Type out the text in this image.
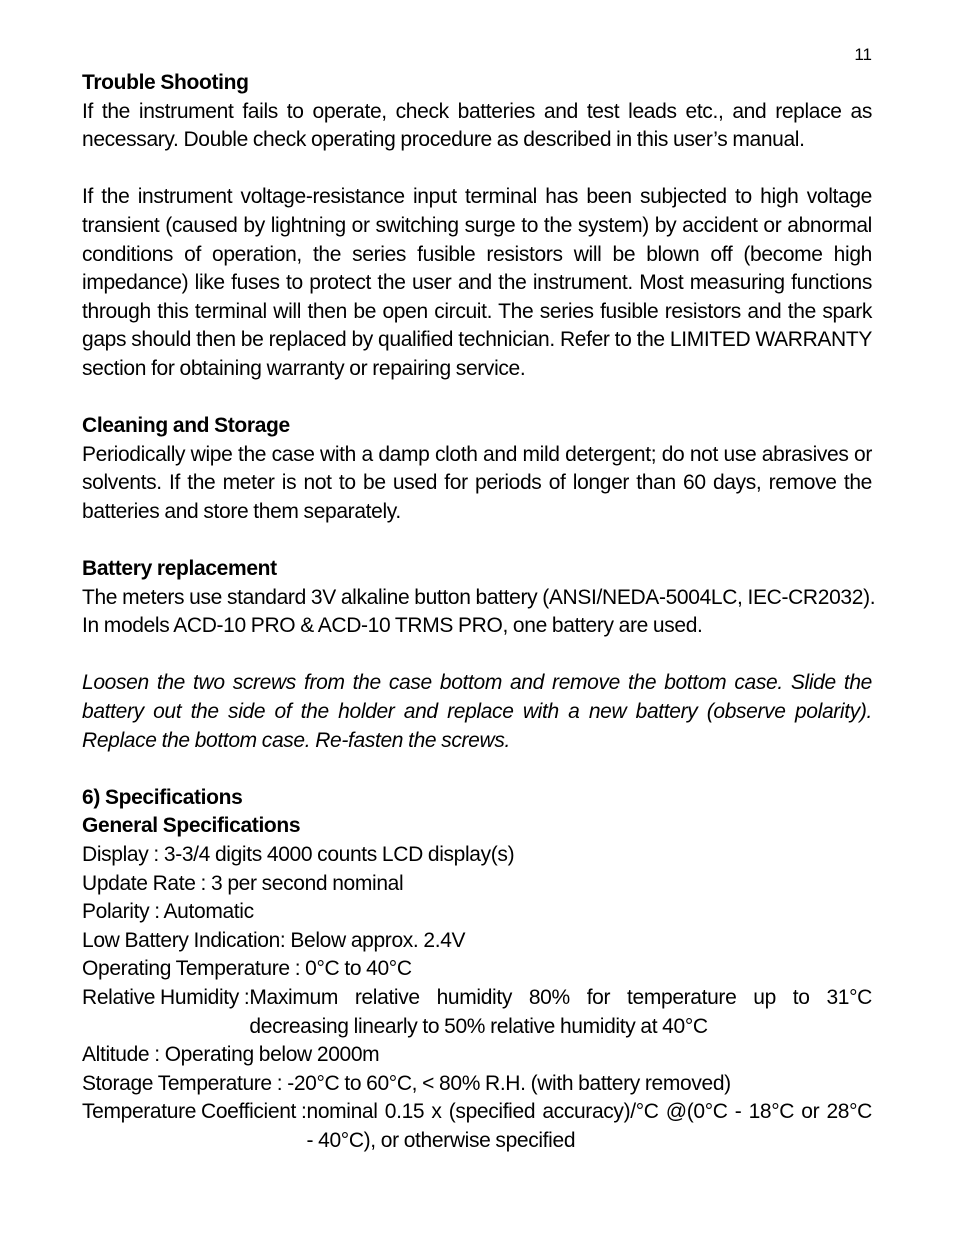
11
Trouble Shooting
If the instrument fails to operate, check batteries and test leads etc., and replace as necessary. Double check operating procedure as described in this user’s manual.
If the instrument voltage-resistance input terminal has been subjected to high voltage transient (caused by lightning or switching surge to the system) by accident or abnormal conditions of operation, the series fusible resistors will be blown off (become high impedance) like fuses to protect the user and the instrument. Most measuring functions through this terminal will then be open circuit. The series fusible resistors and the spark gaps should then be replaced by qualified technician. Refer to the LIMITED WARRANTY section for obtaining warranty or repairing service.
Cleaning and Storage
Periodically wipe the case with a damp cloth and mild detergent; do not use abrasives or solvents. If the meter is not to be used for periods of longer than 60 days, remove the batteries and store them separately.
Battery replacement
The meters use standard 3V alkaline button battery (ANSI/NEDA-5004LC, IEC-CR2032).
In models ACD-10 PRO & ACD-10 TRMS PRO, one battery are used.
Loosen the two screws from the case bottom and remove the bottom case. Slide the battery out the side of the holder and replace with a new battery (observe polarity). Replace the bottom case. Re-fasten the screws.
6) Specifications
General Specifications
Display : 3-3/4 digits 4000 counts LCD display(s)
Update Rate : 3 per second nominal
Polarity : Automatic
Low Battery Indication: Below approx. 2.4V
Operating Temperature : 0°C to 40°C
Relative Humidity : Maximum relative humidity 80% for temperature up to 31°C
decreasing linearly to 50% relative humidity at 40°C
Altitude : Operating below 2000m
Storage Temperature : -20°C to 60°C, < 80% R.H. (with battery removed)
Temperature Coefficient : nominal 0.15 x (specified accuracy)/°C @(0°C - 18°C or 28°C
- 40°C), or otherwise specified
